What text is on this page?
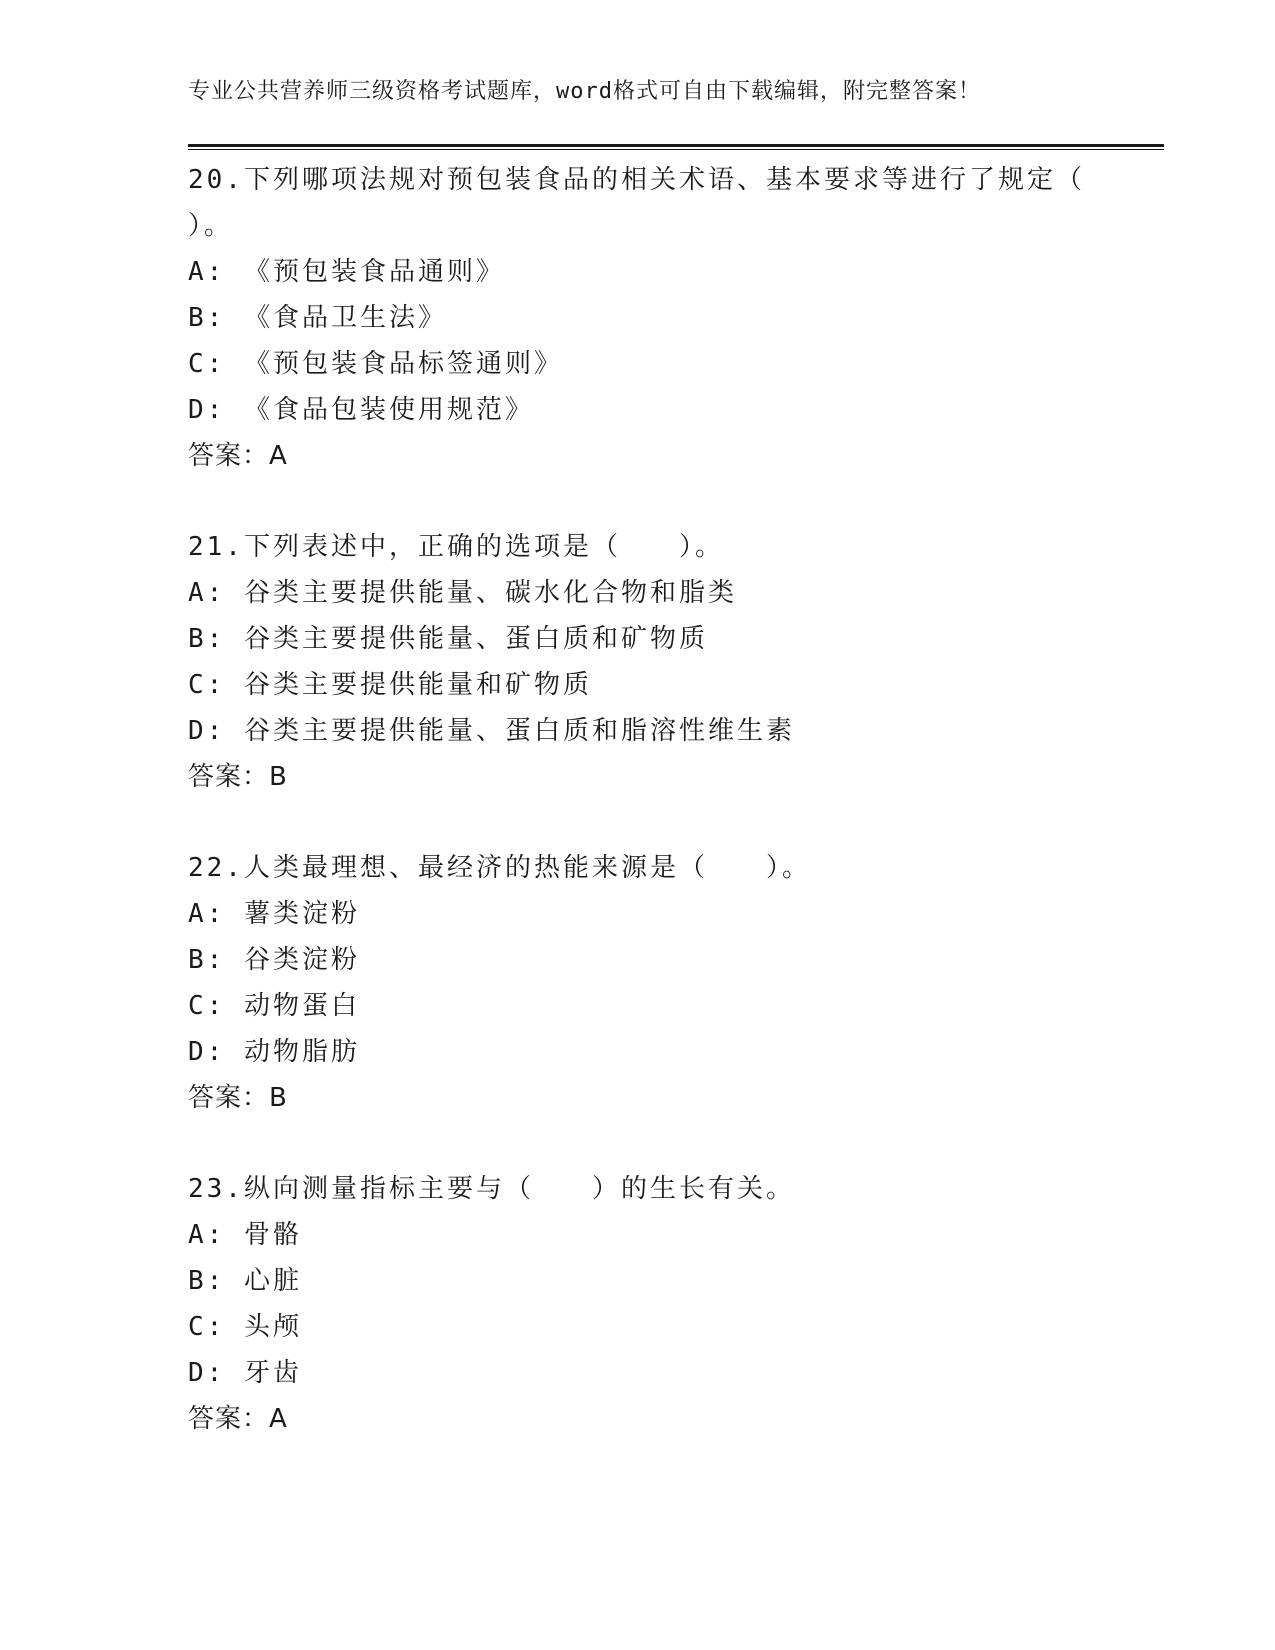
专业公共营养师三级资格考试题库，word格式可自由下载编辑，附完整答案！
20.下列哪项法规对预包装食品的相关术语、基本要求等进行了规定（ ）。
A: 《预包装食品通则》
B: 《食品卫生法》
C: 《预包装食品标签通则》
D: 《食品包装使用规范》
答案：A
21.下列表述中，正确的选项是（　　）。
A: 谷类主要提供能量、碳水化合物和脂类
B: 谷类主要提供能量、蛋白质和矿物质
C: 谷类主要提供能量和矿物质
D: 谷类主要提供能量、蛋白质和脂溶性维生素
答案：B
22.人类最理想、最经济的热能来源是（　　）。
A: 薯类淀粉
B: 谷类淀粉
C: 动物蛋白
D: 动物脂肪
答案：B
23.纵向测量指标主要与（　　）的生长有关。
A: 骨骼
B: 心脏
C: 头颅
D: 牙齿
答案：A
